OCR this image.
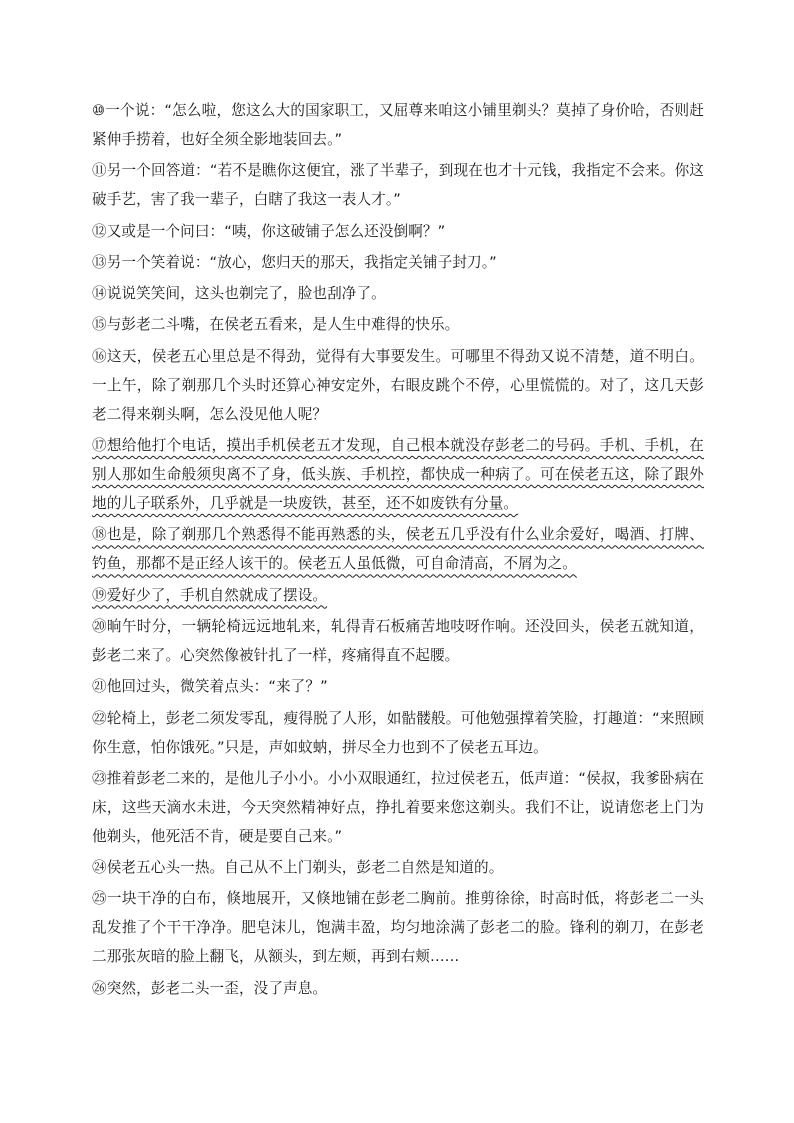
⑩一个说：“怎么啦，您这么大的国家职工，又屈尊来咱这小铺里剃头？莫掉了身价哈，否则赶紧伸手捞着，也好全须全影地装回去。”

⑪另一个回答道：“若不是瞧你这便宜，涨了半辈子，到现在也才十元钱，我指定不会来。你这破手艺，害了我一辈子，白瞎了我这一表人才。”

⑫又或是一个问曰：“咦，你这破铺子怎么还没倒啊？”

⑬另一个笑着说：“放心，您归天的那天，我指定关铺子封刀。”

⑭说说笑笑间，这头也剃完了，脸也刮净了。

⑮与彭老二斗嘴，在侯老五看来，是人生中难得的快乐。

⑯这天，侯老五心里总是不得劲，觉得有大事要发生。可哪里不得劲又说不清楚，道不明白。一上午，除了剃那几个头时还算心神安定外，右眼皮跳个不停，心里慌慌的。对了，这几天彭老二得来剃头啊，怎么没见他人呢？

⑰想给他打个电话，摸出手机侯老五才发现，自己根本就没存彭老二的号码。手机、手机，在别人那如生命般须臾离不了身，低头族、手机控，都快成一种病了。可在侯老五这，除了跟外地的儿子联系外，几乎就是一块废铁，甚至，还不如废铁有分量。

⑱也是，除了剃那几个熟悉得不能再熟悉的头，侯老五几乎没有什么业余爱好，喝酒、打牌、钓鱼，那都不是正经人该干的。侯老五人虽低微，可自命清高，不屑为之。

⑲爱好少了，手机自然就成了摆设。

⑳晌午时分，一辆轮椅远远地轧来，轧得青石板痛苦地吱呀作响。还没回头，侯老五就知道，彭老二来了。心突然像被针扎了一样，疼痛得直不起腰。

㉑他回过头，微笑着点头：“来了？”

㉒轮椅上，彭老二须发零乱，瘦得脱了人形，如骷髅般。可他勉强撑着笑脸，打趣道：“来照顾你生意，怕你饿死。”只是，声如蚊蚋，拼尽全力也到不了侯老五耳边。

㉓推着彭老二来的，是他儿子小小。小小双眼通红，拉过侯老五，低声道：“侯叔，我爹卧病在床，这些天滴水未进，今天突然精神好点，挣扎着要来您这剃头。我们不让，说请您老上门为他剃头，他死活不肯，硬是要自己来。”

㉔侯老五心头一热。自己从不上门剃头，彭老二自然是知道的。

㉕一块干净的白布，倏地展开，又倏地铺在彭老二胸前。推剪徐徐，时高时低，将彭老二一头乱发推了个干干净净。肥皂沫儿，饱满丰盈，均匀地涂满了彭老二的脸。锋利的剃刀，在彭老二那张灰暗的脸上翻飞，从额头，到左颊，再到右颊……

㉖突然，彭老二头一歪，没了声息。
